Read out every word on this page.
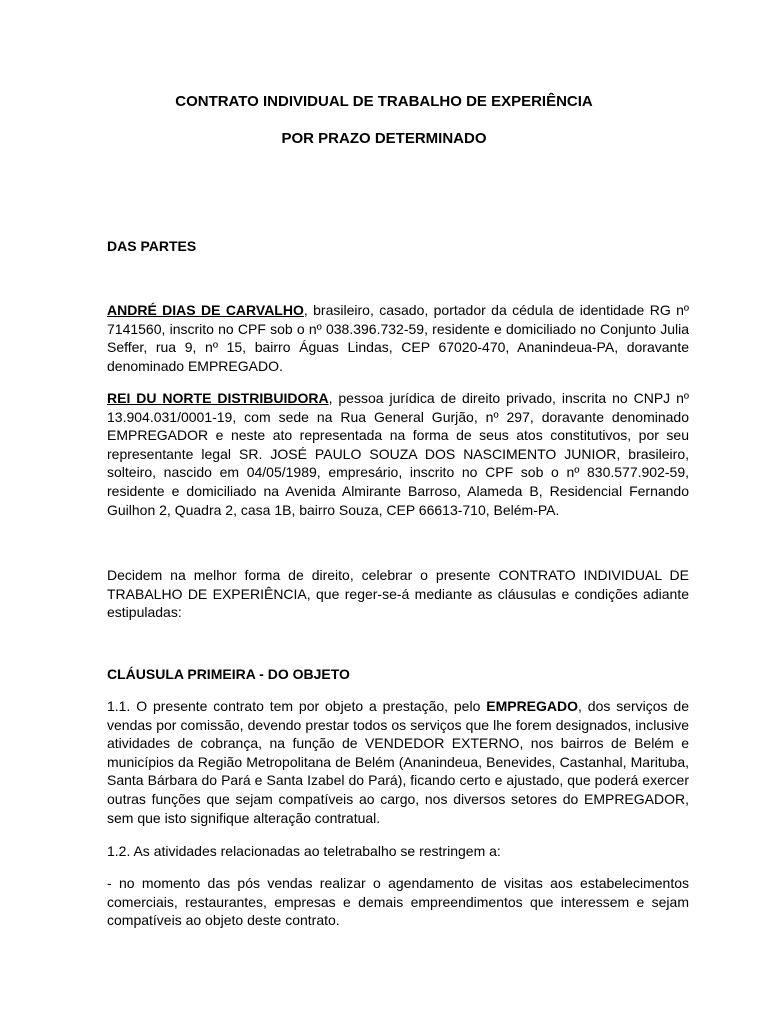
CONTRATO INDIVIDUAL DE TRABALHO DE EXPERIÊNCIA
POR PRAZO DETERMINADO
DAS PARTES

ANDRÉ DIAS DE CARVALHO, brasileiro, casado, portador da cédula de identidade RG nº 7141560, inscrito no CPF sob o nº 038.396.732-59, residente e domiciliado no Conjunto Julia Seffer, rua 9, nº 15, bairro Águas Lindas, CEP 67020-470, Ananindeua-PA, doravante denominado EMPREGADO.

REI DU NORTE DISTRIBUIDORA, pessoa jurídica de direito privado, inscrita no CNPJ nº 13.904.031/0001-19, com sede na Rua General Gurjão, nº 297, doravante denominado EMPREGADOR e neste ato representada na forma de seus atos constitutivos, por seu representante legal SR. JOSÉ PAULO SOUZA DOS NASCIMENTO JUNIOR, brasileiro, solteiro, nascido em 04/05/1989, empresário, inscrito no CPF sob o nº 830.577.902-59, residente e domiciliado na Avenida Almirante Barroso, Alameda B, Residencial Fernando Guilhon 2, Quadra 2, casa 1B, bairro Souza, CEP 66613-710, Belém-PA.

Decidem na melhor forma de direito, celebrar o presente CONTRATO INDIVIDUAL DE TRABALHO DE EXPERIÊNCIA, que reger-se-á mediante as cláusulas e condições adiante estipuladas:

CLÁUSULA PRIMEIRA - DO OBJETO

1.1. O presente contrato tem por objeto a prestação, pelo EMPREGADO, dos serviços de vendas por comissão, devendo prestar todos os serviços que lhe forem designados, inclusive atividades de cobrança, na função de VENDEDOR EXTERNO, nos bairros de Belém e municípios da Região Metropolitana de Belém (Ananindeua, Benevides, Castanhal, Marituba, Santa Bárbara do Pará e Santa Izabel do Pará), ficando certo e ajustado, que poderá exercer outras funções que sejam compatíveis ao cargo, nos diversos setores do EMPREGADOR, sem que isto signifique alteração contratual.

1.2. As atividades relacionadas ao teletrabalho se restringem a:

- no momento das pós vendas realizar o agendamento de visitas aos estabelecimentos comerciais, restaurantes, empresas e demais empreendimentos que interessem e sejam compatíveis ao objeto deste contrato.
